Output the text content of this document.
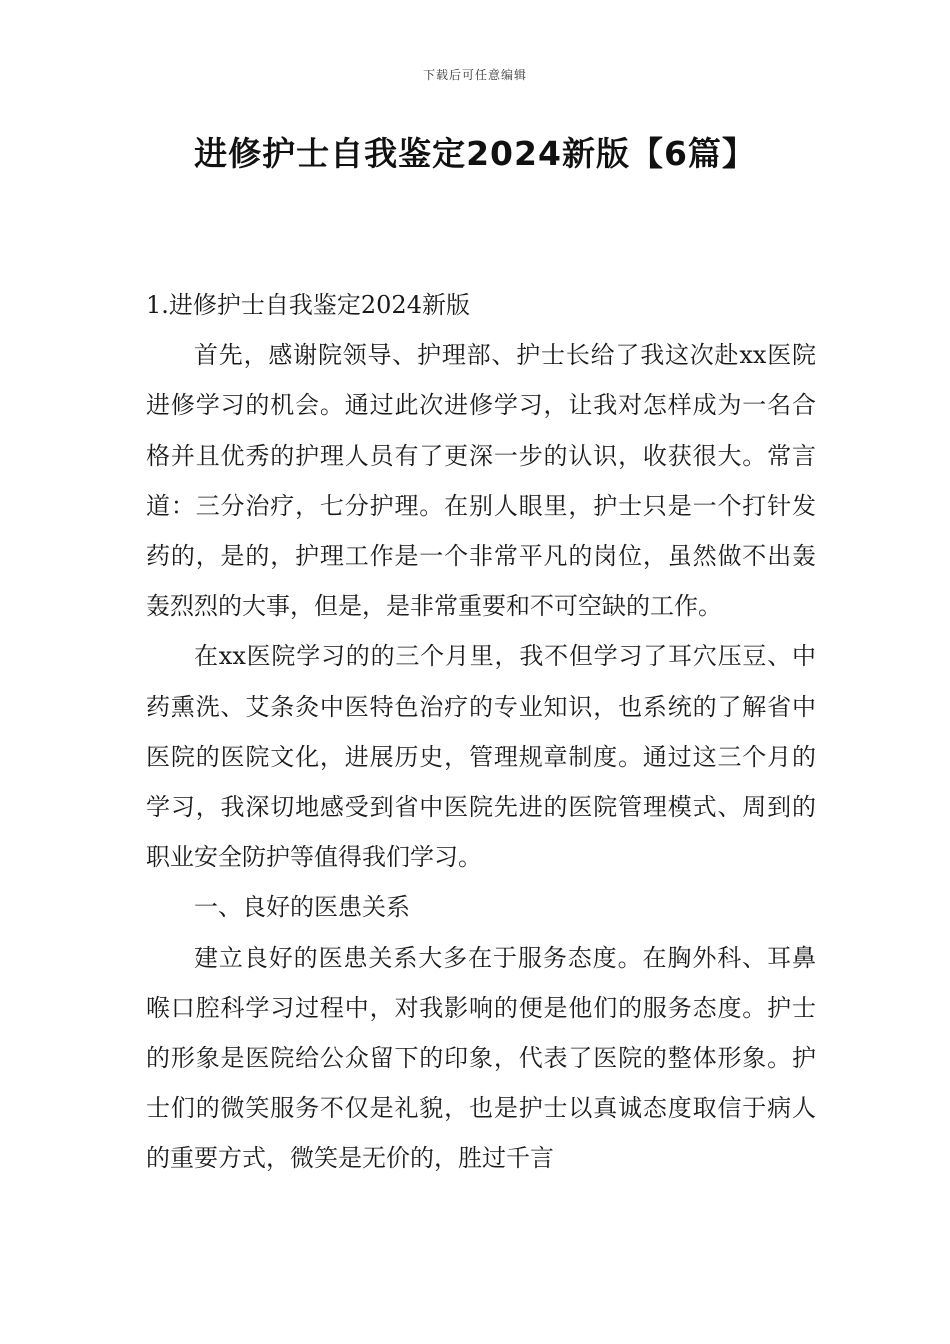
下载后可任意编辑
进修护士自我鉴定2024新版【6篇】

1.进修护士自我鉴定2024新版

首先，感谢院领导、护理部、护士长给了我这次赴xx医院进修学习的机会。通过此次进修学习，让我对怎样成为一名合格并且优秀的护理人员有了更深一步的认识，收获很大。常言道：三分治疗，七分护理。在别人眼里，护士只是一个打针发药的，是的，护理工作是一个非常平凡的岗位，虽然做不出轰轰烈烈的大事，但是，是非常重要和不可空缺的工作。

在xx医院学习的的三个月里，我不但学习了耳穴压豆、中药熏洗、艾条灸中医特色治疗的专业知识，也系统的了解省中医院的医院文化，进展历史，管理规章制度。通过这三个月的学习，我深切地感受到省中医院先进的医院管理模式、周到的职业安全防护等值得我们学习。

一、良好的医患关系

建立良好的医患关系大多在于服务态度。在胸外科、耳鼻喉口腔科学习过程中，对我影响的便是他们的服务态度。护士的形象是医院给公众留下的印象，代表了医院的整体形象。护士们的微笑服务不仅是礼貌，也是护士以真诚态度取信于病人的重要方式，微笑是无价的，胜过千言
